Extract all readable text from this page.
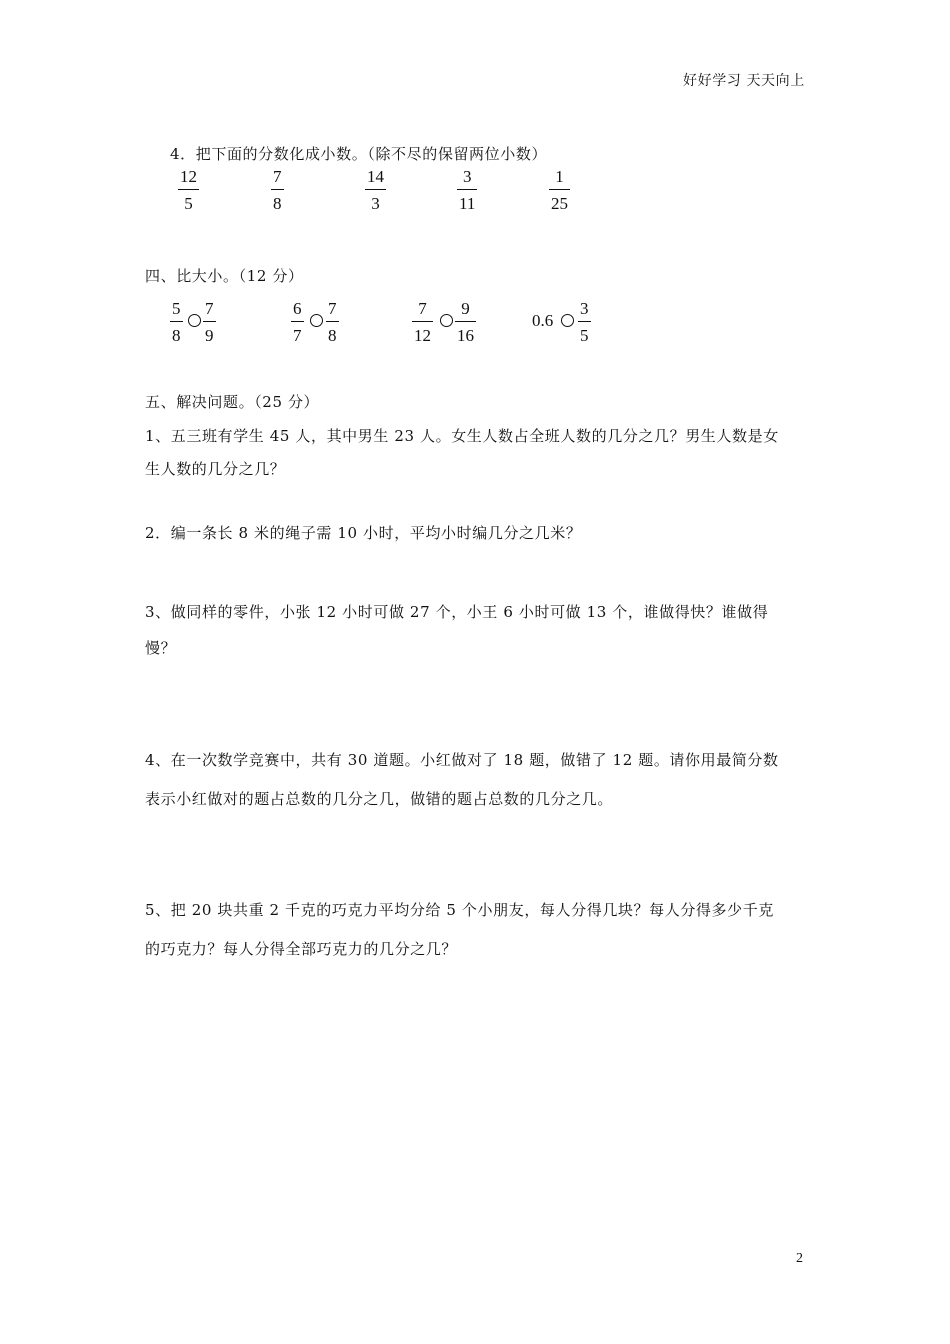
好好学习 天天向上
4．把下面的分数化成小数。（除不尽的保留两位小数）
12
5
7
8
14
3
3
11
1
25
四、比大小。（12 分）
5
8
7
9
6
7
7
8
7
12
9
16
0.6
3
5
五、解决问题。（25 分）
1、五三班有学生 45 人，其中男生 23 人。女生人数占全班人数的几分之几？男生人数是女
生人数的几分之几？
2．编一条长 8 米的绳子需 10 小时，平均小时编几分之几米？
3、做同样的零件，小张 12 小时可做 27 个，小王 6 小时可做 13 个，谁做得快？谁做得
慢？
4、在一次数学竞赛中，共有 30 道题。小红做对了 18 题，做错了 12 题。请你用最简分数
表示小红做对的题占总数的几分之几，做错的题占总数的几分之几。
5、把 20 块共重 2 千克的巧克力平均分给 5 个小朋友，每人分得几块？每人分得多少千克
的巧克力？每人分得全部巧克力的几分之几？
2
